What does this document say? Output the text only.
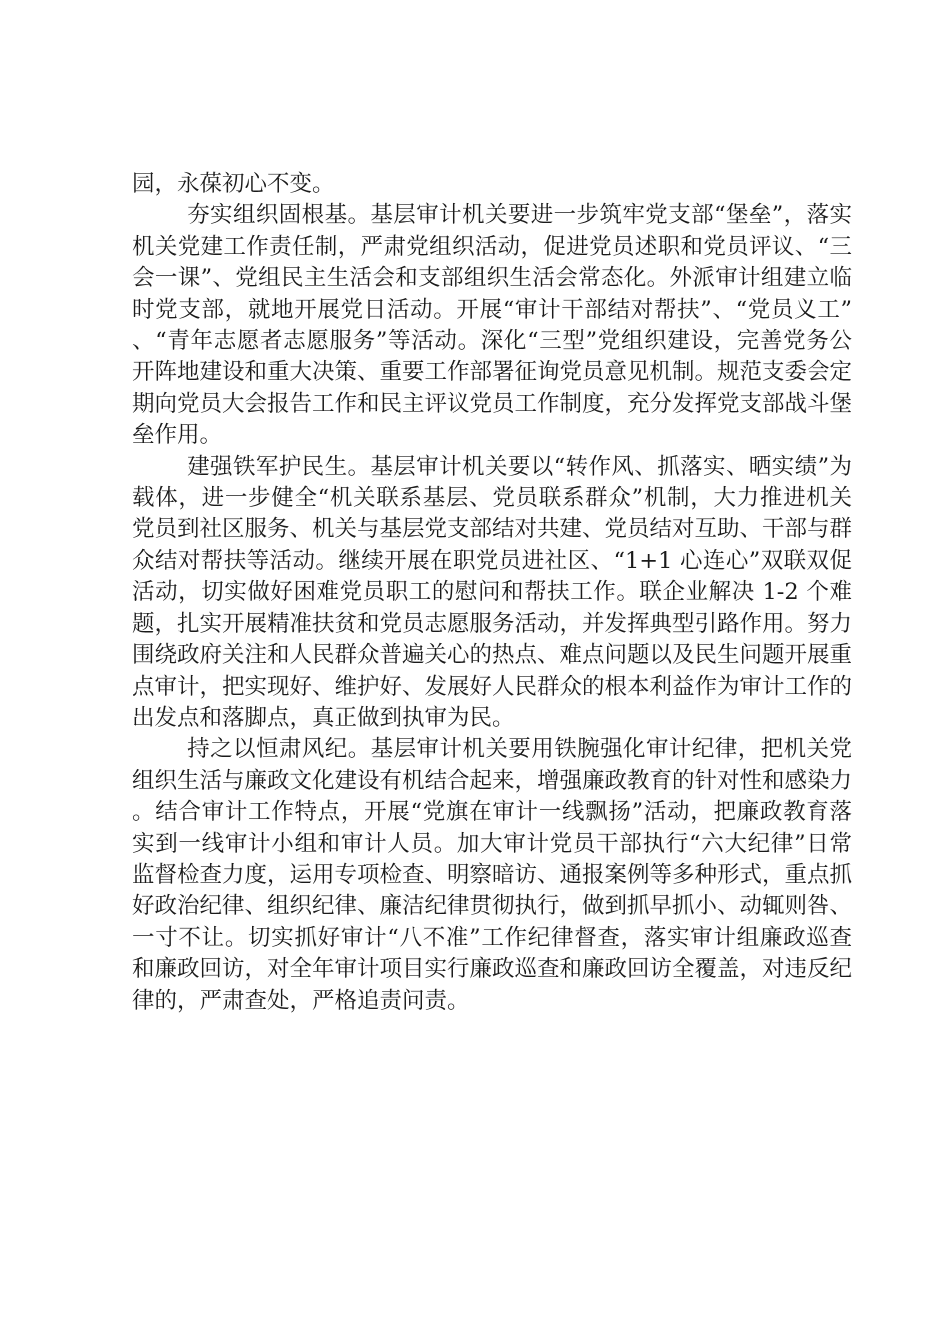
园，永葆初心不变。

夯实组织固根基。基层审计机关要进一步筑牢党支部“堡垒”，落实机关党建工作责任制，严肃党组织活动，促进党员述职和党员评议、“三会一课”、党组民主生活会和支部组织生活会常态化。外派审计组建立临时党支部，就地开展党日活动。开展“审计干部结对帮扶”、“党员义工”、“青年志愿者志愿服务”等活动。深化“三型”党组织建设，完善党务公开阵地建设和重大决策、重要工作部署征询党员意见机制。规范支委会定期向党员大会报告工作和民主评议党员工作制度，充分发挥党支部战斗堡垒作用。

建强铁军护民生。基层审计机关要以“转作风、抓落实、晒实绩”为载体，进一步健全“机关联系基层、党员联系群众”机制，大力推进机关党员到社区服务、机关与基层党支部结对共建、党员结对互助、干部与群众结对帮扶等活动。继续开展在职党员进社区、“1+1 心连心”双联双促活动，切实做好困难党员职工的慰问和帮扶工作。联企业解决 1-2 个难题，扎实开展精准扶贫和党员志愿服务活动，并发挥典型引路作用。努力围绕政府关注和人民群众普遍关心的热点、难点问题以及民生问题开展重点审计，把实现好、维护好、发展好人民群众的根本利益作为审计工作的出发点和落脚点，真正做到执审为民。

持之以恒肃风纪。基层审计机关要用铁腕强化审计纪律，把机关党组织生活与廉政文化建设有机结合起来，增强廉政教育的针对性和感染力。结合审计工作特点，开展“党旗在审计一线飘扬”活动，把廉政教育落实到一线审计小组和审计人员。加大审计党员干部执行“六大纪律”日常监督检查力度，运用专项检查、明察暗访、通报案例等多种形式，重点抓好政治纪律、组织纪律、廉洁纪律贯彻执行，做到抓早抓小、动辄则咎、一寸不让。切实抓好审计“八不准”工作纪律督查，落实审计组廉政巡查和廉政回访，对全年审计项目实行廉政巡查和廉政回访全覆盖，对违反纪律的，严肃查处，严格追责问责。
